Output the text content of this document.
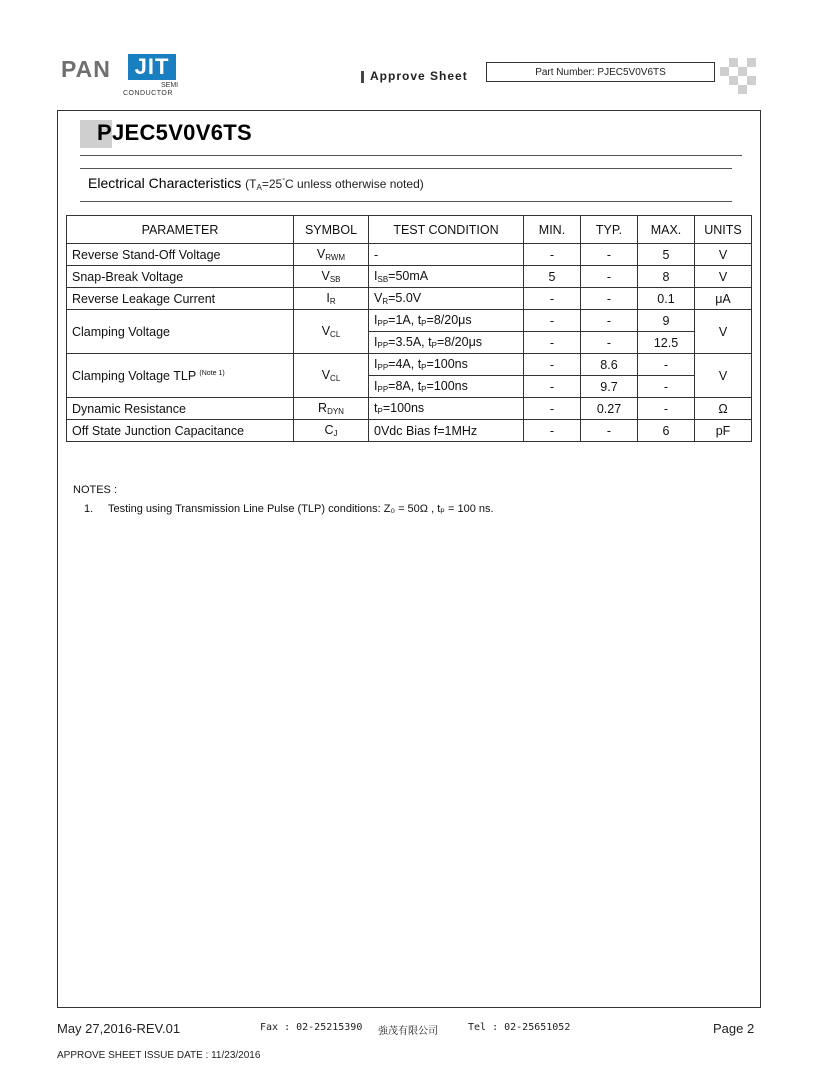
PAN JIT
SEMI
CONDUCTOR
Approve Sheet	Part Number: PJEC5V0V6TS
PJEC5V0V6TS
Electrical Characteristics ($T_A=25^\circ C$ unless otherwise noted)
PARAMETER	SYMBOL	TEST CONDITION	MIN.	TYP.	MAX.	UNITS
Reverse Stand-Off Voltage	$V_{RWM}$	-	-	-	5	V
Snap-Break Voltage	$V_{SB}$	$I_{SB}=50mA$	5	-	8	V
Reverse Leakage Current	$I_R$	$V_R=5.0V$	-	-	0.1	μA
Clamping Voltage	$V_{CL}$	$I_{PP}=1A$, $t_P=8/20\mu s$	-	-	9	V
		$I_{PP}=3.5A$, $t_P=8/20\mu s$	-	-	12.5	
Clamping Voltage TLP $^{(Note 1)}$	$V_{CL}$	$I_{PP}=4A$, $t_P=100ns$	-	8.6	-	V
		$I_{PP}=8A$, $t_P=100ns$	-	9.7	-	
Dynamic Resistance	$R_{DYN}$	$t_P=100ns$	-	0.27	-	Ω
Off State Junction Capacitance	$C_J$	0Vdc Bias f=1MHz	-	-	6	pF
NOTES :
1. Testing using Transmission Line Pulse (TLP) conditions: Z₀ = 50Ω , tₚ = 100 ns.
May 27,2016-REV.01	Fax : 02-25215390 強茂有限公司	Tel : 02-25651052	Page 2
APPROVE SHEET ISSUE DATE : 11/23/2016
